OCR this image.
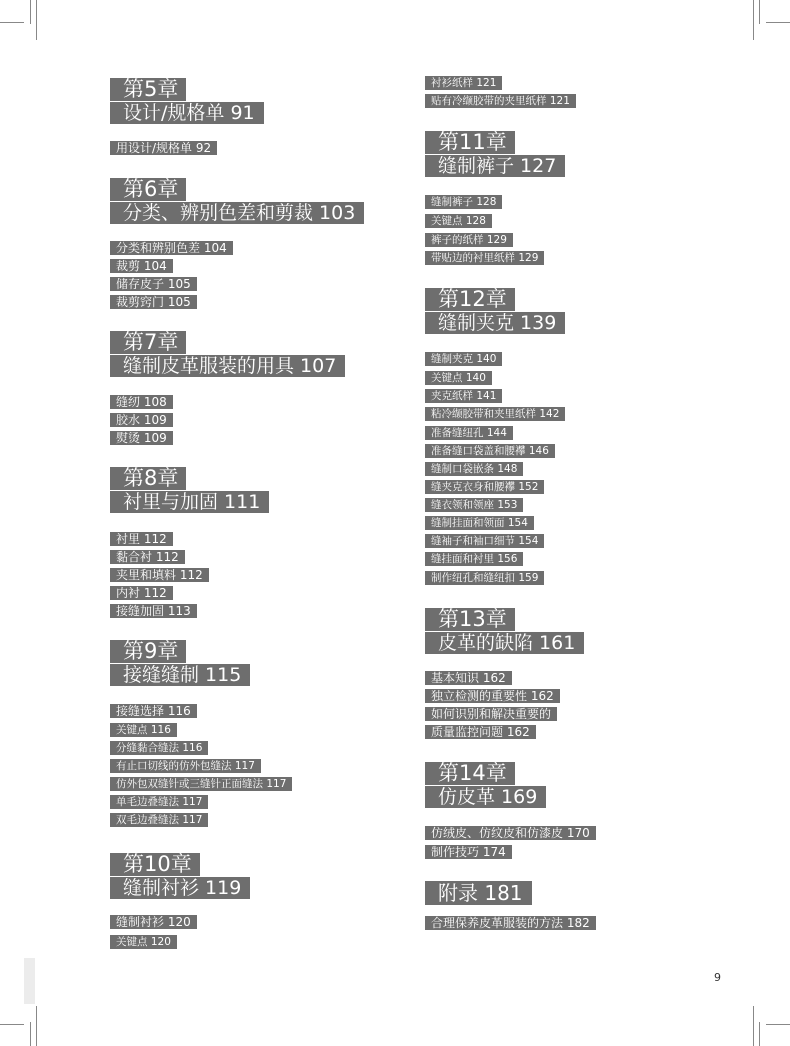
第5章
设计/规格单 91
用设计/规格单 92
第6章
分类、辨别色差和剪裁 103
分类和辨别色差 104
裁剪 104
储存皮子 105
裁剪窍门 105
第7章
缝制皮革服装的用具 107
缝纫 108
胶水 109
熨烫 109
第8章
衬里与加固 111
衬里 112
黏合衬 112
夹里和填料 112
内衬 112
接缝加固 113
第9章
接缝缝制 115
接缝选择 116
关键点 116
分缝黏合缝法 116
有止口切线的仿外包缝法 117
仿外包双缝针或三缝针正面缝法 117
单毛边叠缝法 117
双毛边叠缝法 117
第10章
缝制衬衫 119
缝制衬衫 120
关键点 120
衬衫纸样 121
贴有冷缬胶带的夹里纸样 121
第11章
缝制裤子 127
缝制裤子 128
关键点 128
裤子的纸样 129
带贴边的衬里纸样 129
第12章
缝制夹克 139
缝制夹克 140
关键点 140
夹克纸样 141
粘冷缬胶带和夹里纸样 142
准备缝纽孔 144
准备缝口袋盖和腰襻 146
缝制口袋嵌条 148
缝夹克衣身和腰襻 152
缝衣领和领座 153
缝制挂面和领面 154
缝袖子和袖口细节 154
缝挂面和衬里 156
制作纽孔和缝纽扣 159
第13章
皮革的缺陷 161
基本知识 162
独立检测的重要性 162
如何识别和解决重要的
质量监控问题 162
第14章
仿皮革 169
仿绒皮、仿纹皮和仿漆皮 170
制作技巧 174
附录 181
合理保养皮革服装的方法 182
9
